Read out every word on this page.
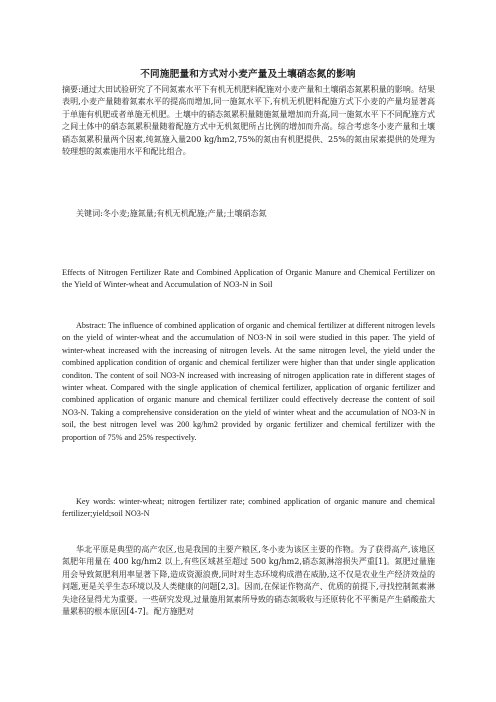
不同施肥量和方式对小麦产量及土壤硝态氮的影响
摘要:通过大田试验研究了不同氮素水平下有机无机肥料配施对小麦产量和土壤硝态氮累积量的影响。结果表明,小麦产量随着氮素水平的提高而增加,同一施氮水平下,有机无机肥料配施方式下小麦的产量均显著高于单施有机肥或者单施无机肥。土壤中的硝态氮累积量随施氮量增加而升高,同一施氮水平下不同配施方式之间土体中的硝态氮累积量随着配施方式中无机氮肥所占比例的增加而升高。综合考虑冬小麦产量和土壤硝态氮累积量两个因素,纯氮施入量200 kg/hm2,75%的氮由有机肥提供、25%的氮由尿素提供的处理为较理想的氮素施用水平和配比组合。
关键词:冬小麦;施氮量;有机无机配施;产量;土壤硝态氮
Effects of Nitrogen Fertilizer Rate and Combined Application of Organic Manure and Chemical Fertilizer on the Yield of Winter-wheat and Accumulation of NO3-N in Soil
Abstract: The influence of combined application of organic and chemical fertilizer at different nitrogen levels on the yield of winter-wheat and the accumulation of NO3-N in soil were studied in this paper. The yield of winter-wheat increased with the increasing of nitrogen levels. At the same nitrogen level, the yield under the combined application condition of organic and chemical fertilizer were higher than that under single application conditon. The content of soil NO3-N increased with increasing of nitrogen application rate in different stages of winter wheat. Compared with the single application of chemical fertilizer, application of organic fertilizer and combined application of organic manure and chemical fertilizer could effectively decrease the content of soil NO3-N. Taking a comprehensive consideration on the yield of winter wheat and the accumulation of NO3-N in soil, the best nitrogen level was 200 kg/hm2 provided by organic fertilizer and chemical fertilizer with the proportion of 75% and 25% respectively.
Key words: winter-wheat; nitrogen fertilizer rate; combined application of organic manure and chemical fertilizer;yield;soil NO3-N
华北平原是典型的高产农区,也是我国的主要产粮区,冬小麦为该区主要的作物。为了获得高产,该地区氮肥年用量在 400 kg/hm2 以上,有些区域甚至超过 500 kg/hm2,硝态氮淋溶损失严重[1]。氮肥过量施用会导致氮肥利用率显著下降,造成资源浪费,同时对生态环境构成潜在威胁,这不仅是农业生产经济效益的问题,更是关乎生态环境以及人类健康的问题[2,3]。因而,在保证作物高产、优质的前提下,寻找控制氮素淋失途径显得尤为重要。一些研究发现,过量施用氮素所导致的硝态氮吸收与还原转化不平衡是产生硝酸盐大量累积的根本原因[4-7]。配方施肥对
